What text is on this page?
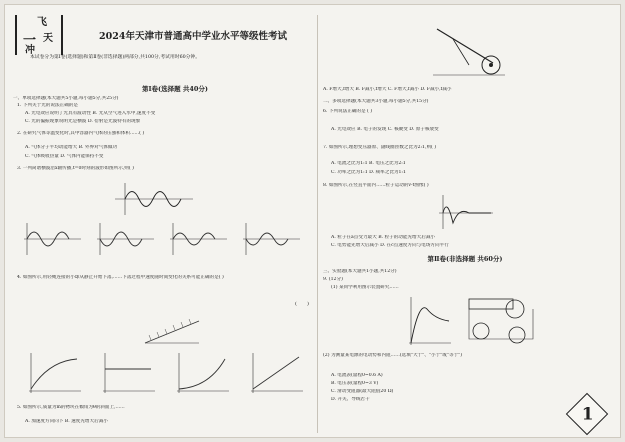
飞
一 天
冲
2024年天津市普通高中学业水平等级性考试
本试卷分为第Ⅰ卷(选择题)和第Ⅱ卷(非选择题)两部分,共100分,考试用时60分钟。
第Ⅰ卷(选择题 共40分)
一、单项选择题(本大题共5小题,每小题5分,共25分)
1. 下列关于光的说法正确的是
A. 光电效应说明了光具有波动性 B. 光从空气进入水中,速度不变
C. 光的偏振现象说明光是横波 D. 衍射是光波特有的现象
2. 在研究气体等温变化时,其中容器内气体的压强和体积……( )
A. 气体分子平均动能增大 B. 外界对气体做功
C. 气体吸收热量 D. 气体内能保持不变
3. 一列简谐横波沿x轴传播,t=0时刻的波形如图所示,则( )
4. 如图所示,用轻绳连接的小球从静止开始下落,……下落过程中速度随时间变化的关系可能正确的是( )
(　　)
5. 如图所示,质量为m的物块在倾角为θ的斜面上,……
A. 加速度方向向下 B. 速度先增大后减小
A. F增大,f增大 B. F减小,f增大 C. F增大,f减小 D. F减小,f减小
二、多项选择题(本大题共3小题,每小题5分,共15分)
6. 下列说法正确的是 ( )
A. 光电效应 B. 电子的发现 C. 核聚变 D. 原子核衰变
7. 如图所示,理想变压器原、副线圈匝数之比为2:1,则( )
A. 电流之比为1:1 B. 电压之比为2:1
C. 功率之比为1:1 D. 频率之比为1:1
8. 如图所示,在竖直平面内……粒子运动的v-t图像( )
A. 粒子在a点受力最大 B. 粒子的动能先增大后减小
C. 电势能先增大后减小 D. 在c点速度方向与电场方向平行
第Ⅱ卷(非选择题 共60分)
三、实验题(本大题共1小题,共12分)
9. (12分)
(1) 某同学利用图示装置研究……
(2) 为测量某电源的电动势和内阻……(选填"大于"、"小于"或"等于")
A. 电流表(量程0~0.6 A)
B. 电压表(量程0~3 V)
C. 滑动变阻器(最大阻值20 Ω)
D. 开关、导线若干
1
